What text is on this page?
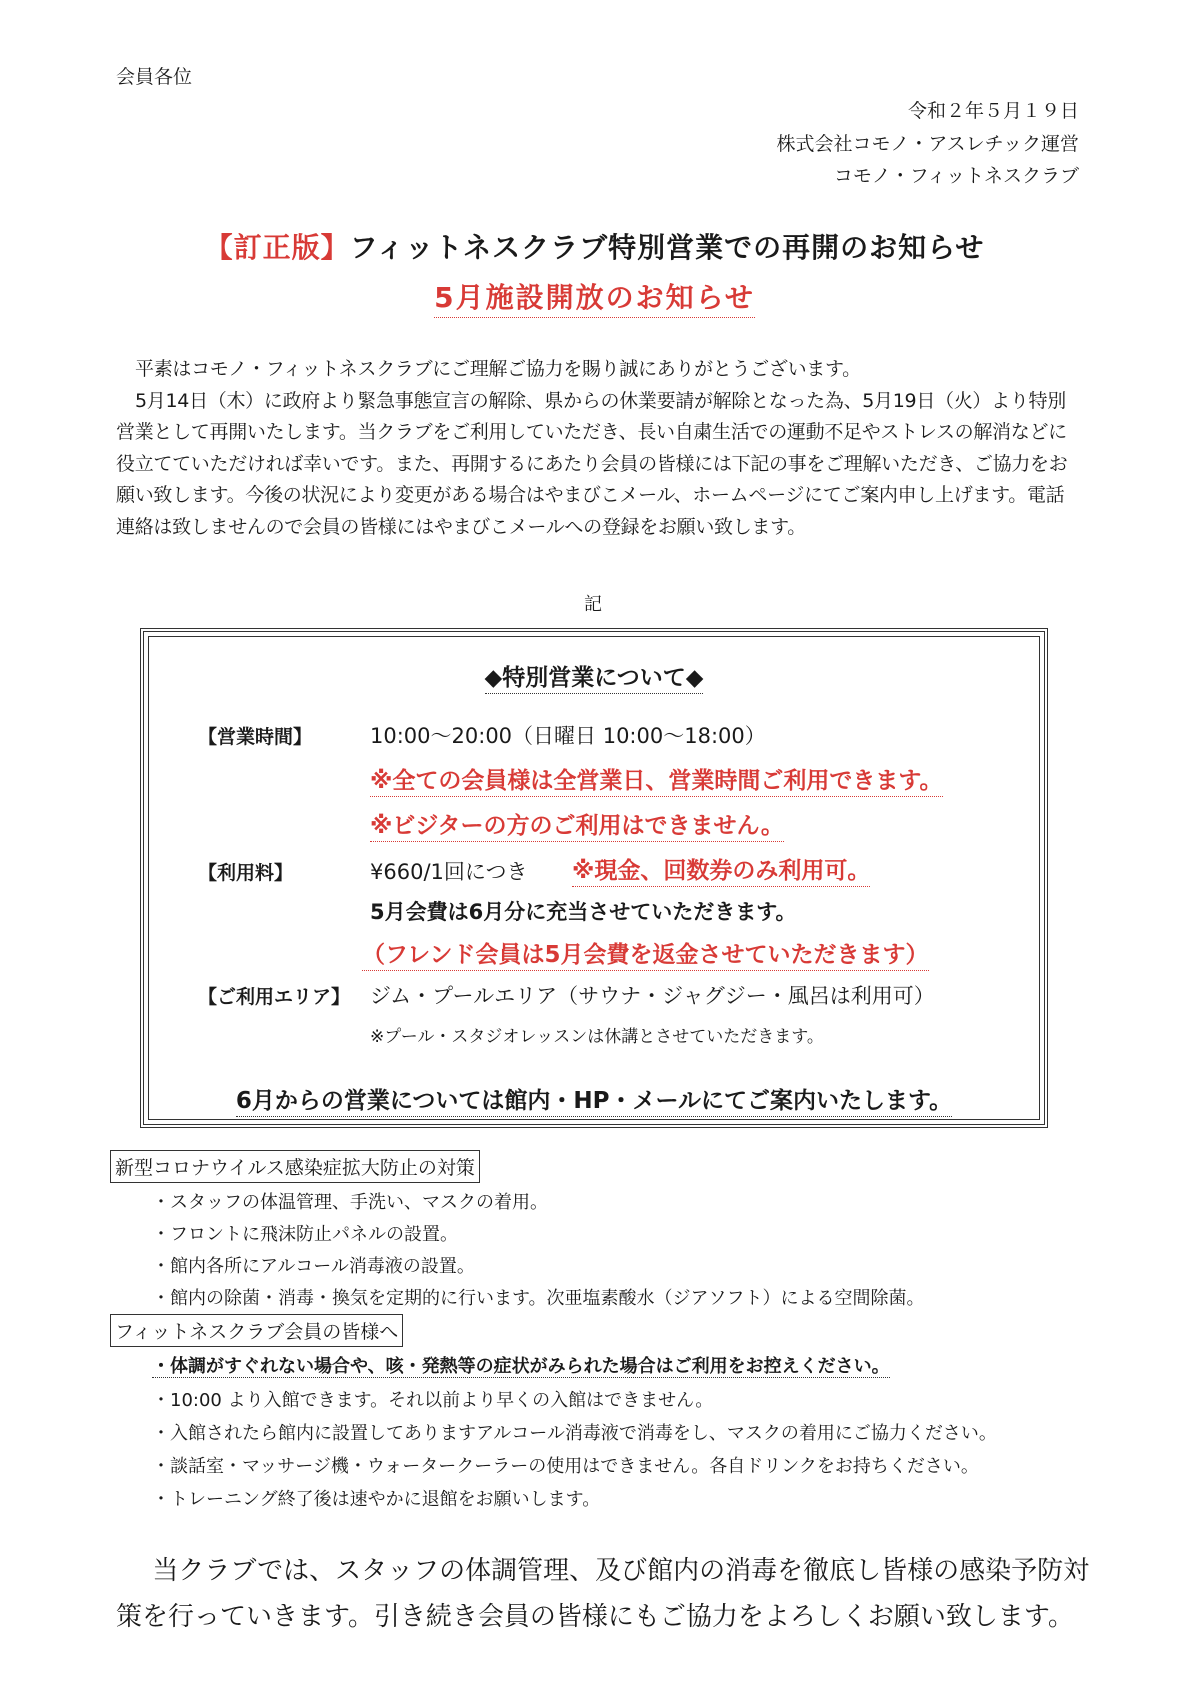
会員各位
令和２年５月１９日
株式会社コモノ・アスレチック運営
コモノ・フィットネスクラブ
【訂正版】フィットネスクラブ特別営業での再開のお知らせ
5月施設開放のお知らせ

平素はコモノ・フィットネスクラブにご理解ご協力を賜り誠にありがとうございます。

5月14日（木）に政府より緊急事態宣言の解除、県からの休業要請が解除となった為、5月19日（火）より特別営業として再開いたします。当クラブをご利用していただき、長い自粛生活での運動不足やストレスの解消などに役立てていただければ幸いです。また、再開するにあたり会員の皆様には下記の事をご理解いただき、ご協力をお願い致します。今後の状況により変更がある場合はやまびこメール、ホームページにてご案内申し上げます。電話連絡は致しませんので会員の皆様にはやまびこメールへの登録をお願い致します。

記
◆特別営業について◆
【営業時間】	10:00～20:00（日曜日 10:00～18:00）
※全ての会員様は全営業日、営業時間ご利用できます。
※ビジターの方のご利用はできません。
【利用料】	¥660/1回につき ※現金、回数券のみ利用可。
5月会費は6月分に充当させていただきます。
（フレンド会員は5月会費を返金させていただきます）
【ご利用エリア】 ジム・プールエリア（サウナ・ジャグジー・風呂は利用可）
※プール・スタジオレッスンは休講とさせていただきます。
6月からの営業については館内・HP・メールにてご案内いたします。
新型コロナウイルス感染症拡大防止の対策
・スタッフの体温管理、手洗い、マスクの着用。
・フロントに飛沫防止パネルの設置。
・館内各所にアルコール消毒液の設置。
・館内の除菌・消毒・換気を定期的に行います。次亜塩素酸水（ジアソフト）による空間除菌。
フィットネスクラブ会員の皆様へ
・体調がすぐれない場合や、咳・発熱等の症状がみられた場合はご利用をお控えください。
・10:00 より入館できます。それ以前より早くの入館はできません。
・入館されたら館内に設置してありますアルコール消毒液で消毒をし、マスクの着用にご協力ください。
・談話室・マッサージ機・ウォータークーラーの使用はできません。各自ドリンクをお持ちください。
・トレーニング終了後は速やかに退館をお願いします。

当クラブでは、スタッフの体調管理、及び館内の消毒を徹底し皆様の感染予防対策を行っていきます。引き続き会員の皆様にもご協力をよろしくお願い致します。
